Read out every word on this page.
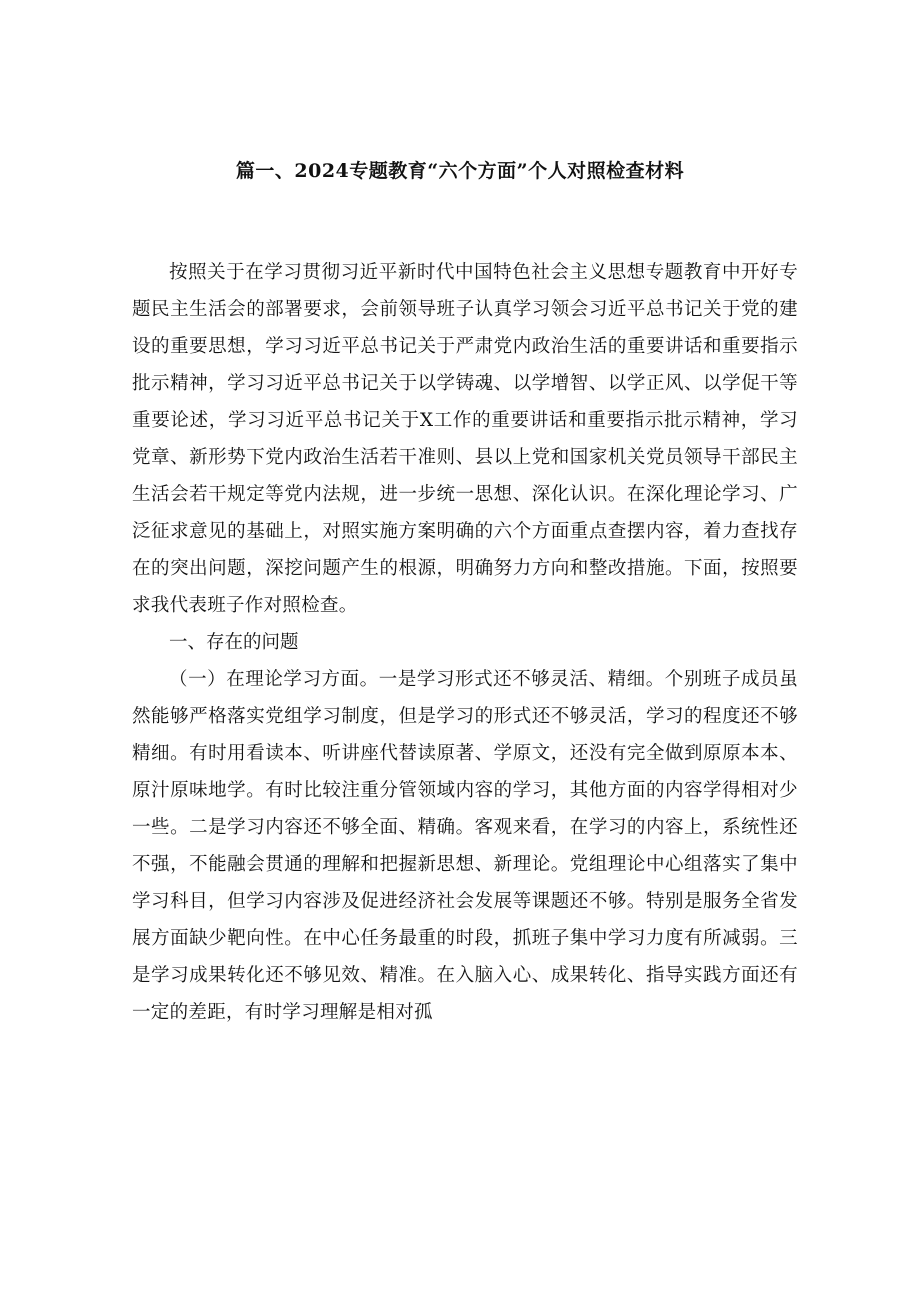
篇一、2024专题教育“六个方面”个人对照检查材料

按照关于在学习贯彻习近平新时代中国特色社会主义思想专题教育中开好专题民主生活会的部署要求，会前领导班子认真学习领会习近平总书记关于党的建设的重要思想，学习习近平总书记关于严肃党内政治生活的重要讲话和重要指示批示精神，学习习近平总书记关于以学铸魂、以学增智、以学正风、以学促干等重要论述，学习习近平总书记关于X工作的重要讲话和重要指示批示精神，学习党章、新形势下党内政治生活若干准则、县以上党和国家机关党员领导干部民主生活会若干规定等党内法规，进一步统一思想、深化认识。在深化理论学习、广泛征求意见的基础上，对照实施方案明确的六个方面重点查摆内容，着力查找存在的突出问题，深挖问题产生的根源，明确努力方向和整改措施。下面，按照要求我代表班子作对照检查。

一、存在的问题

（一）在理论学习方面。一是学习形式还不够灵活、精细。个别班子成员虽然能够严格落实党组学习制度，但是学习的形式还不够灵活，学习的程度还不够精细。有时用看读本、听讲座代替读原著、学原文，还没有完全做到原原本本、原汁原味地学。有时比较注重分管领域内容的学习，其他方面的内容学得相对少一些。二是学习内容还不够全面、精确。客观来看，在学习的内容上，系统性还不强，不能融会贯通的理解和把握新思想、新理论。党组理论中心组落实了集中学习科目，但学习内容涉及促进经济社会发展等课题还不够。特别是服务全省发展方面缺少靶向性。在中心任务最重的时段，抓班子集中学习力度有所减弱。三是学习成果转化还不够见效、精准。在入脑入心、成果转化、指导实践方面还有一定的差距，有时学习理解是相对孤
